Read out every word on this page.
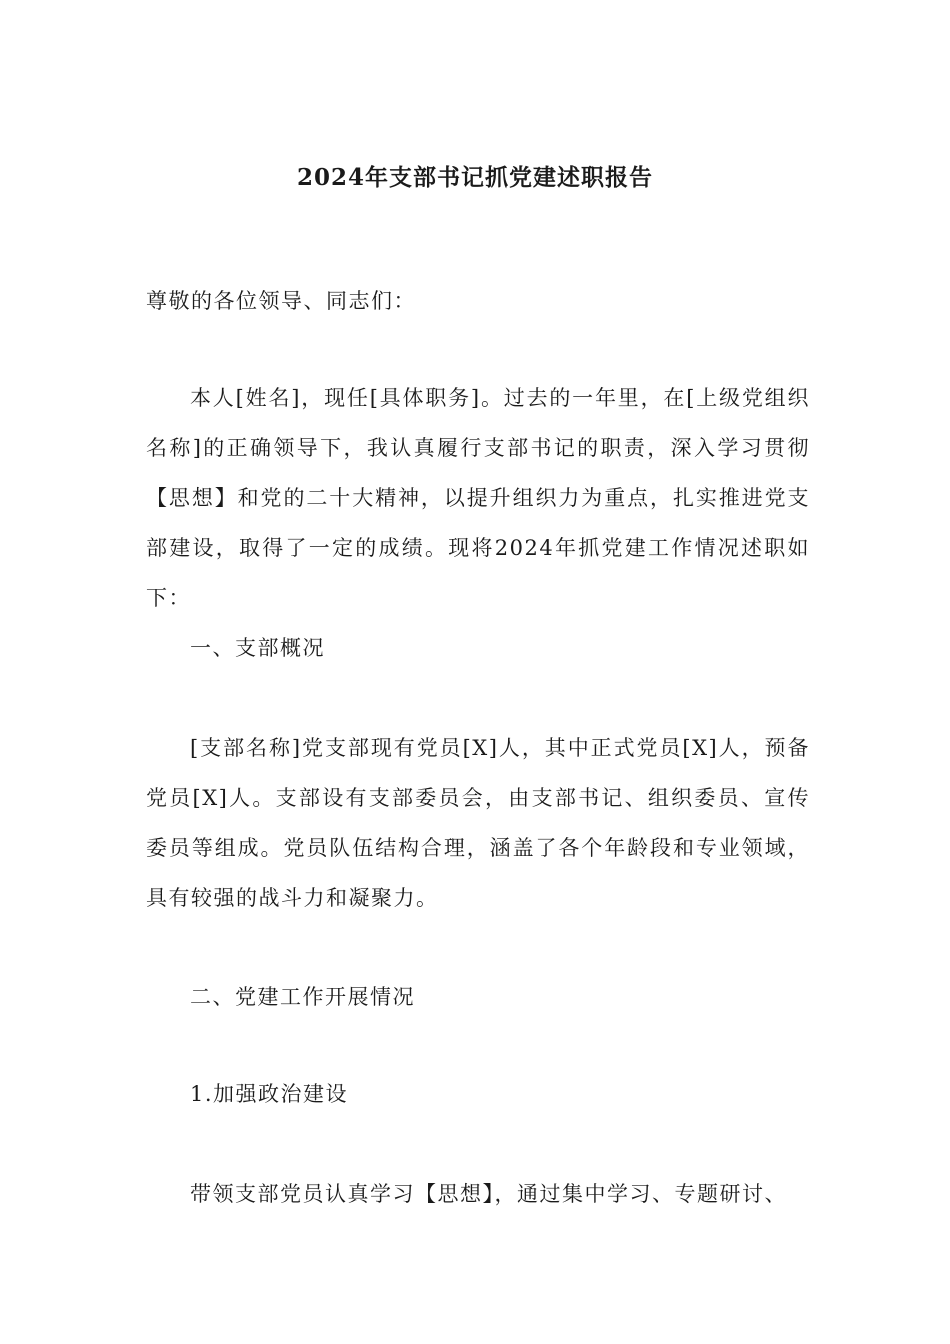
2024年支部书记抓党建述职报告

尊敬的各位领导、同志们：

本人[姓名]，现任[具体职务]。过去的一年里，在[上级党组织名称]的正确领导下，我认真履行支部书记的职责，深入学习贯彻【思想】和党的二十大精神，以提升组织力为重点，扎实推进党支部建设，取得了一定的成绩。现将2024年抓党建工作情况述职如下：

一、支部概况

[支部名称]党支部现有党员[X]人，其中正式党员[X]人，预备党员[X]人。支部设有支部委员会，由支部书记、组织委员、宣传委员等组成。党员队伍结构合理，涵盖了各个年龄段和专业领域，具有较强的战斗力和凝聚力。

二、党建工作开展情况

1.加强政治建设

带领支部党员认真学习【思想】，通过集中学习、专题研讨、
